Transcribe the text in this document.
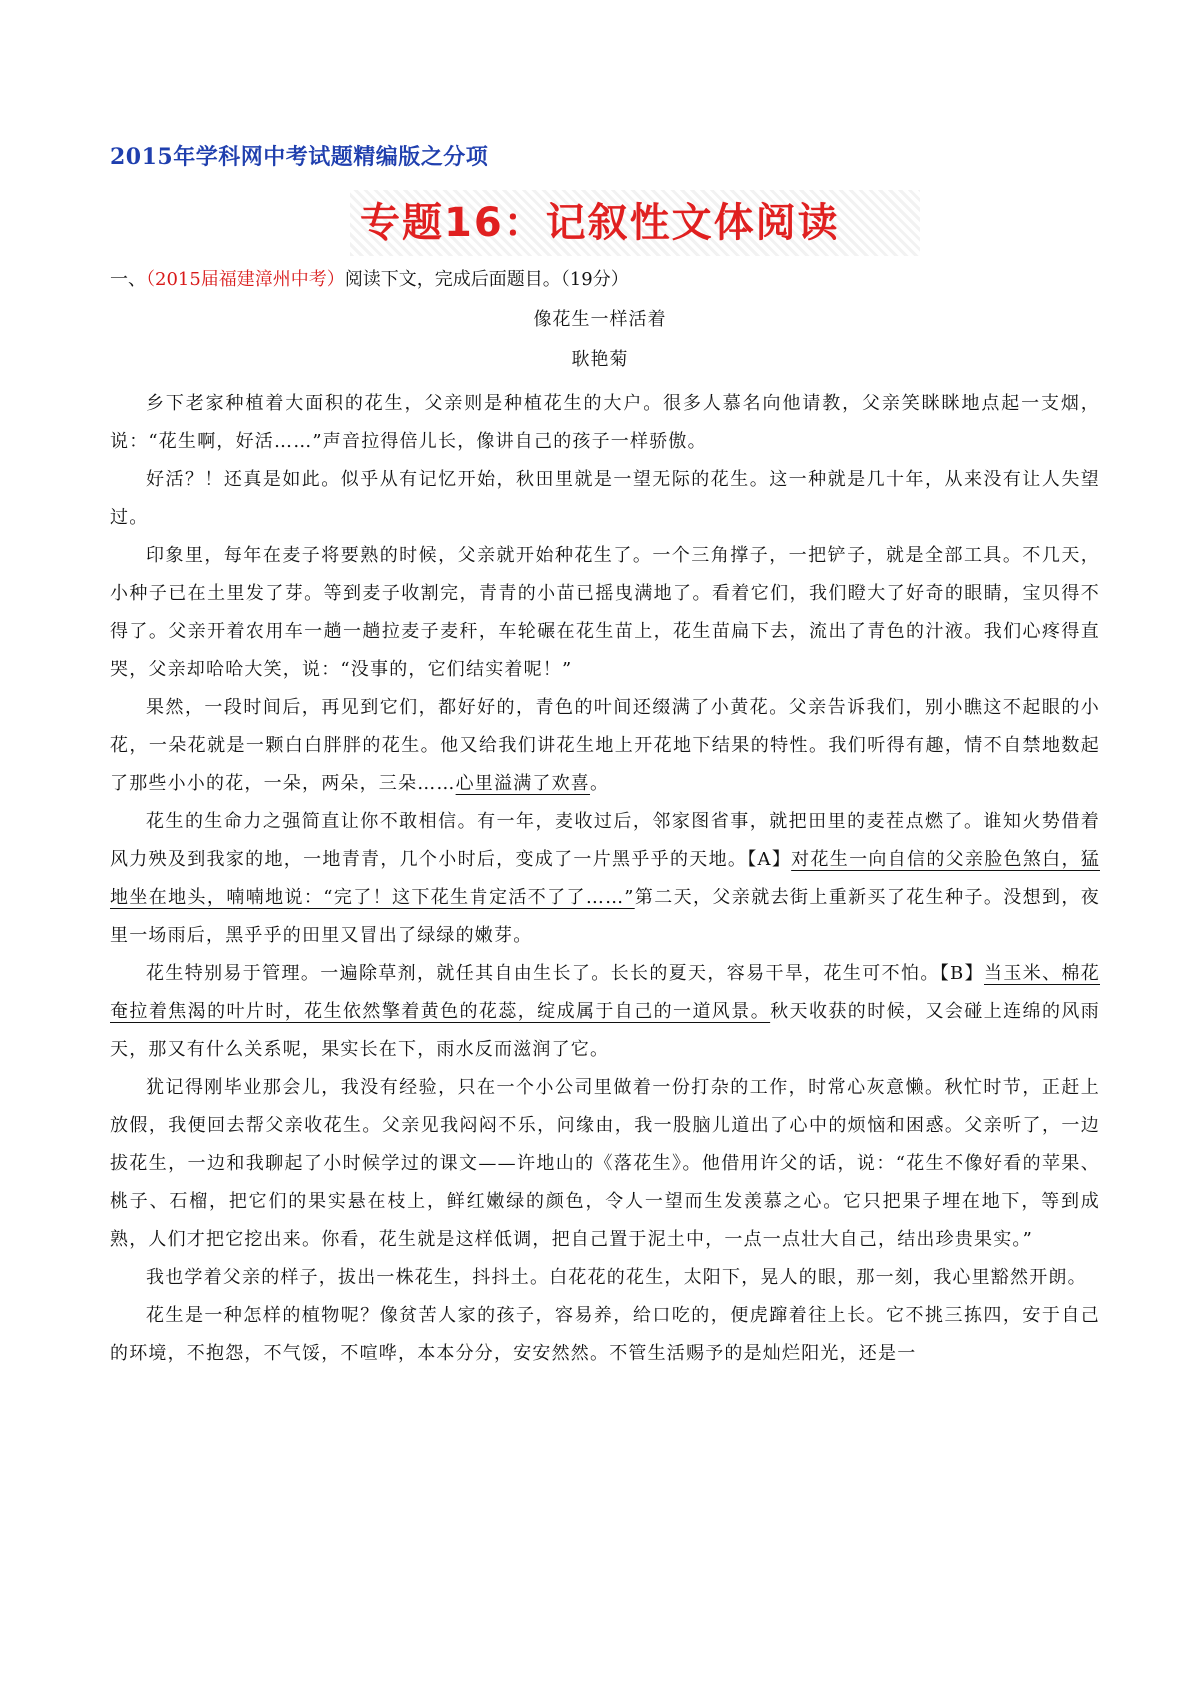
2015年学科网中考试题精编版之分项
专题16：记叙性文体阅读
一、（2015届福建漳州中考）阅读下文，完成后面题目。（19分）
像花生一样活着
耿艳菊

乡下老家种植着大面积的花生，父亲则是种植花生的大户。很多人慕名向他请教，父亲笑眯眯地点起一支烟，说：“花生啊，好活……”声音拉得倍儿长，像讲自己的孩子一样骄傲。

好活？！还真是如此。似乎从有记忆开始，秋田里就是一望无际的花生。这一种就是几十年，从来没有让人失望过。

印象里，每年在麦子将要熟的时候，父亲就开始种花生了。一个三角撑子，一把铲子，就是全部工具。不几天，小种子已在土里发了芽。等到麦子收割完，青青的小苗已摇曳满地了。看着它们，我们瞪大了好奇的眼睛，宝贝得不得了。父亲开着农用车一趟一趟拉麦子麦秆，车轮碾在花生苗上，花生苗扁下去，流出了青色的汁液。我们心疼得直哭，父亲却哈哈大笑，说：“没事的，它们结实着呢！”

果然，一段时间后，再见到它们，都好好的，青色的叶间还缀满了小黄花。父亲告诉我们，别小瞧这不起眼的小花，一朵花就是一颗白白胖胖的花生。他又给我们讲花生地上开花地下结果的特性。我们听得有趣，情不自禁地数起了那些小小的花，一朵，两朵，三朵……心里溢满了欢喜。

花生的生命力之强简直让你不敢相信。有一年，麦收过后，邻家图省事，就把田里的麦茬点燃了。谁知火势借着风力殃及到我家的地，一地青青，几个小时后，变成了一片黑乎乎的天地。【A】对花生一向自信的父亲脸色煞白，猛地坐在地头，喃喃地说：“完了！这下花生肯定活不了了……”第二天，父亲就去街上重新买了花生种子。没想到，夜里一场雨后，黑乎乎的田里又冒出了绿绿的嫩芽。

花生特别易于管理。一遍除草剂，就任其自由生长了。长长的夏天，容易干旱，花生可不怕。【B】当玉米、棉花奄拉着焦渴的叶片时，花生依然擎着黄色的花蕊，绽成属于自己的一道风景。秋天收获的时候，又会碰上连绵的风雨天，那又有什么关系呢，果实长在下，雨水反而滋润了它。

犹记得刚毕业那会儿，我没有经验，只在一个小公司里做着一份打杂的工作，时常心灰意懒。秋忙时节，正赶上放假，我便回去帮父亲收花生。父亲见我闷闷不乐，问缘由，我一股脑儿道出了心中的烦恼和困惑。父亲听了，一边拔花生，一边和我聊起了小时候学过的课文——许地山的《落花生》。他借用许父的话，说：“花生不像好看的苹果、桃子、石榴，把它们的果实悬在枝上，鲜红嫩绿的颜色，令人一望而生发羡慕之心。它只把果子埋在地下，等到成熟，人们才把它挖出来。你看，花生就是这样低调，把自己置于泥土中，一点一点壮大自己，结出珍贵果实。”

我也学着父亲的样子，拔出一株花生，抖抖土。白花花的花生，太阳下，晃人的眼，那一刻，我心里豁然开朗。

花生是一种怎样的植物呢？像贫苦人家的孩子，容易养，给口吃的，便虎蹿着往上长。它不挑三拣四，安于自己的环境，不抱怨，不气馁，不喧哗，本本分分，安安然然。不管生活赐予的是灿烂阳光，还是一
